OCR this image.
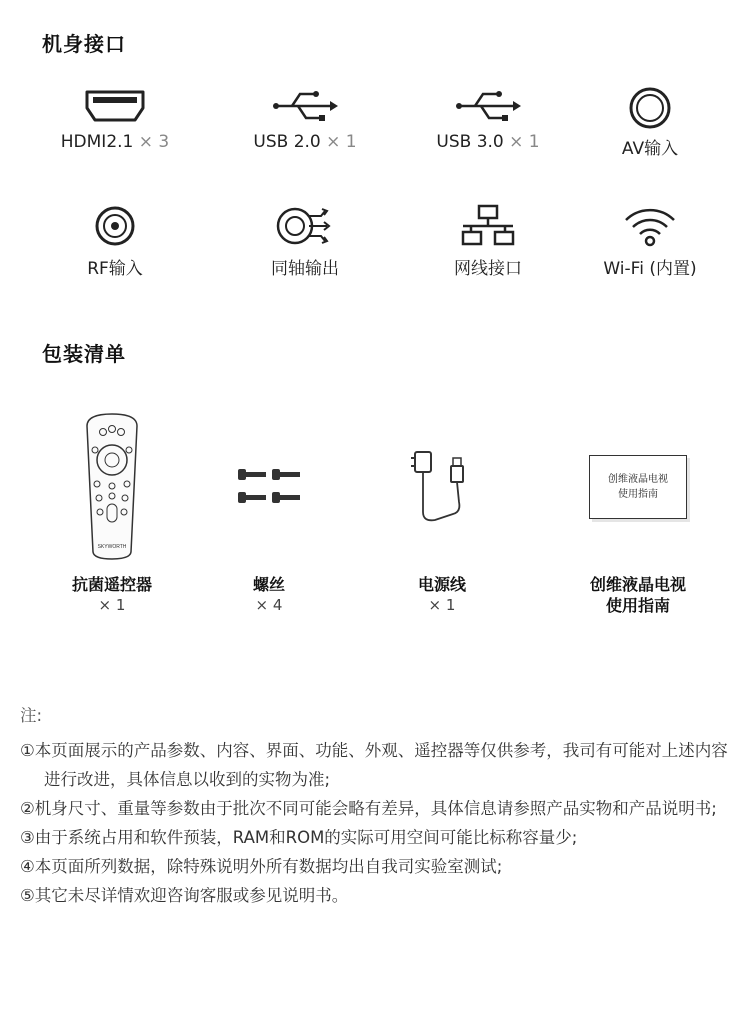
机身接口
HDMI2.1 × 3	USB 2.0 × 1	USB 3.0 × 1	AV输入
RF输入	同轴输出	网线接口	Wi-Fi (内置)
包装清单
SKYWORTH
抗菌遥控器
× 1
螺丝
× 4
电源线
× 1
创维液晶电视
使用指南
创维液晶电视
使用指南
注:
①本页面展示的产品参数、内容、界面、功能、外观、遥控器等仅供参考，我司有可能对上述内容进行改进，具体信息以收到的实物为准;
②机身尺寸、重量等参数由于批次不同可能会略有差异，具体信息请参照产品实物和产品说明书;
③由于系统占用和软件预装，RAM和ROM的实际可用空间可能比标称容量少;
④本页面所列数据，除特殊说明外所有数据均出自我司实验室测试;
⑤其它未尽详情欢迎咨询客服或参见说明书。
